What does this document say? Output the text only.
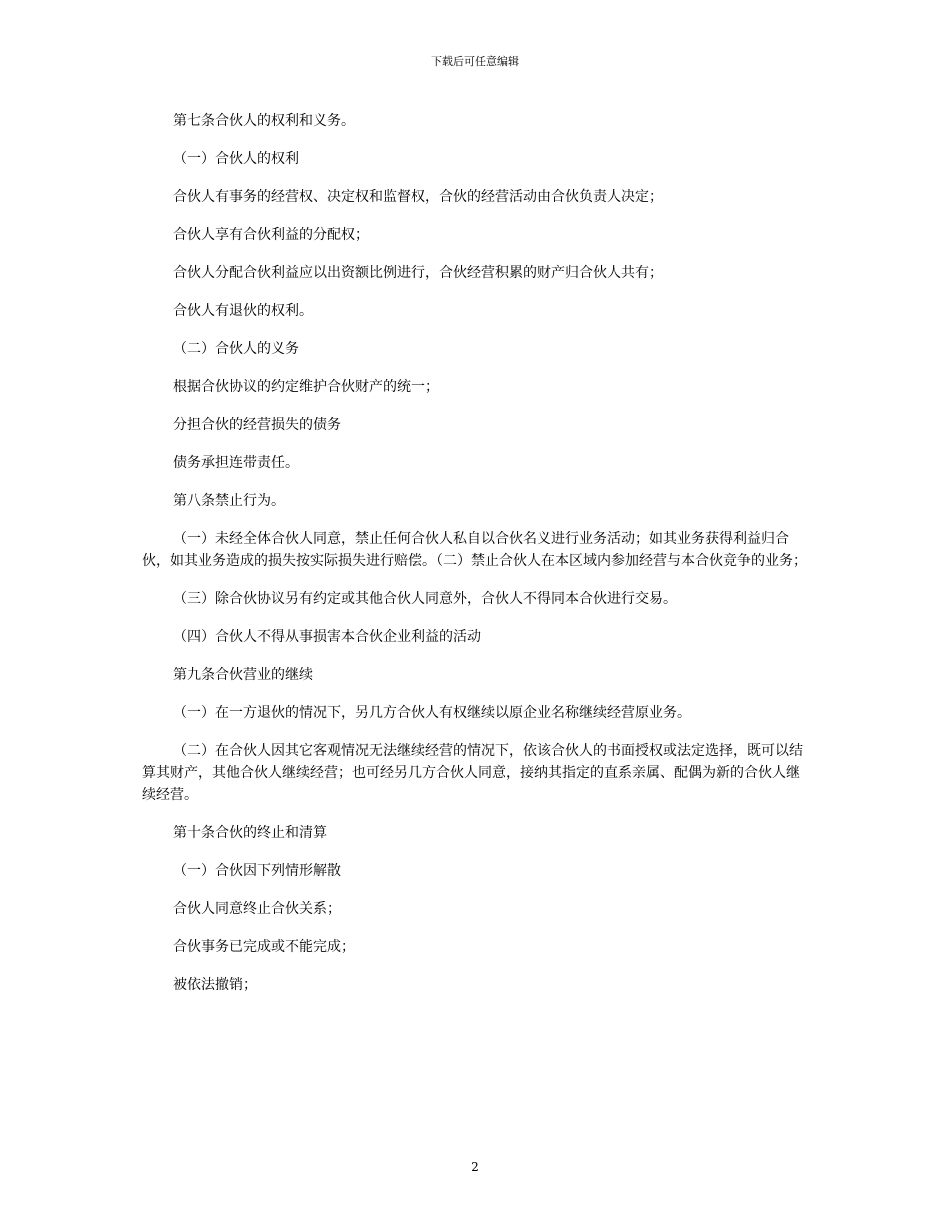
下载后可任意编辑

第七条合伙人的权利和义务。

（一）合伙人的权利

合伙人有事务的经营权、决定权和监督权，合伙的经营活动由合伙负责人决定；

合伙人享有合伙利益的分配权；

合伙人分配合伙利益应以出资额比例进行，合伙经营积累的财产归合伙人共有；

合伙人有退伙的权利。

（二）合伙人的义务

根据合伙协议的约定维护合伙财产的统一；

分担合伙的经营损失的债务

债务承担连带责任。

第八条禁止行为。

（一）未经全体合伙人同意，禁止任何合伙人私自以合伙名义进行业务活动；如其业务获得利益归合伙，如其业务造成的损失按实际损失进行赔偿。（二）禁止合伙人在本区域内参加经营与本合伙竞争的业务；

（三）除合伙协议另有约定或其他合伙人同意外，合伙人不得同本合伙进行交易。

（四）合伙人不得从事损害本合伙企业利益的活动

第九条合伙营业的继续

（一）在一方退伙的情况下，另几方合伙人有权继续以原企业名称继续经营原业务。

（二）在合伙人因其它客观情况无法继续经营的情况下，依该合伙人的书面授权或法定选择，既可以结算其财产，其他合伙人继续经营；也可经另几方合伙人同意，接纳其指定的直系亲属、配偶为新的合伙人继续经营。

第十条合伙的终止和清算

（一）合伙因下列情形解散

合伙人同意终止合伙关系；

合伙事务已完成或不能完成；

被依法撤销；

2
